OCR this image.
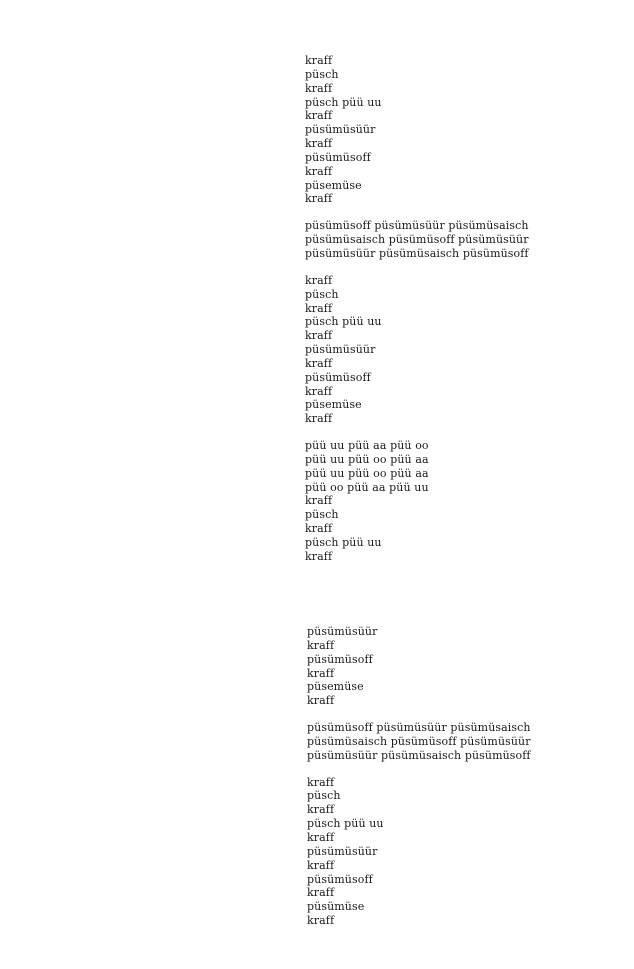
kraff
püsch
kraff
püsch püü uu
kraff
püsümüsüür
kraff
püsümüsoff
kraff
püsemüse
kraff
püsümüsoff püsümüsüür püsümüsaisch
püsümüsaisch püsümüsoff püsümüsüür
püsümüsüür püsümüsaisch püsümüsoff
kraff
püsch
kraff
püsch püü uu
kraff
püsümüsüür
kraff
püsümüsoff
kraff
püsemüse
kraff
püü uu püü aa püü oo
püü uu püü oo püü aa
püü uu püü oo püü aa
püü oo püü aa püü uu
kraff
püsch
kraff
püsch püü uu
kraff
püsümüsüür
kraff
püsümüsoff
kraff
püsemüse
kraff
püsümüsoff püsümüsüür püsümüsaisch
püsümüsaisch püsümüsoff püsümüsüür
püsümüsüür püsümüsaisch püsümüsoff
kraff
püsch
kraff
püsch püü uu
kraff
püsümüsüür
kraff
püsümüsoff
kraff
püsümüse
kraff
